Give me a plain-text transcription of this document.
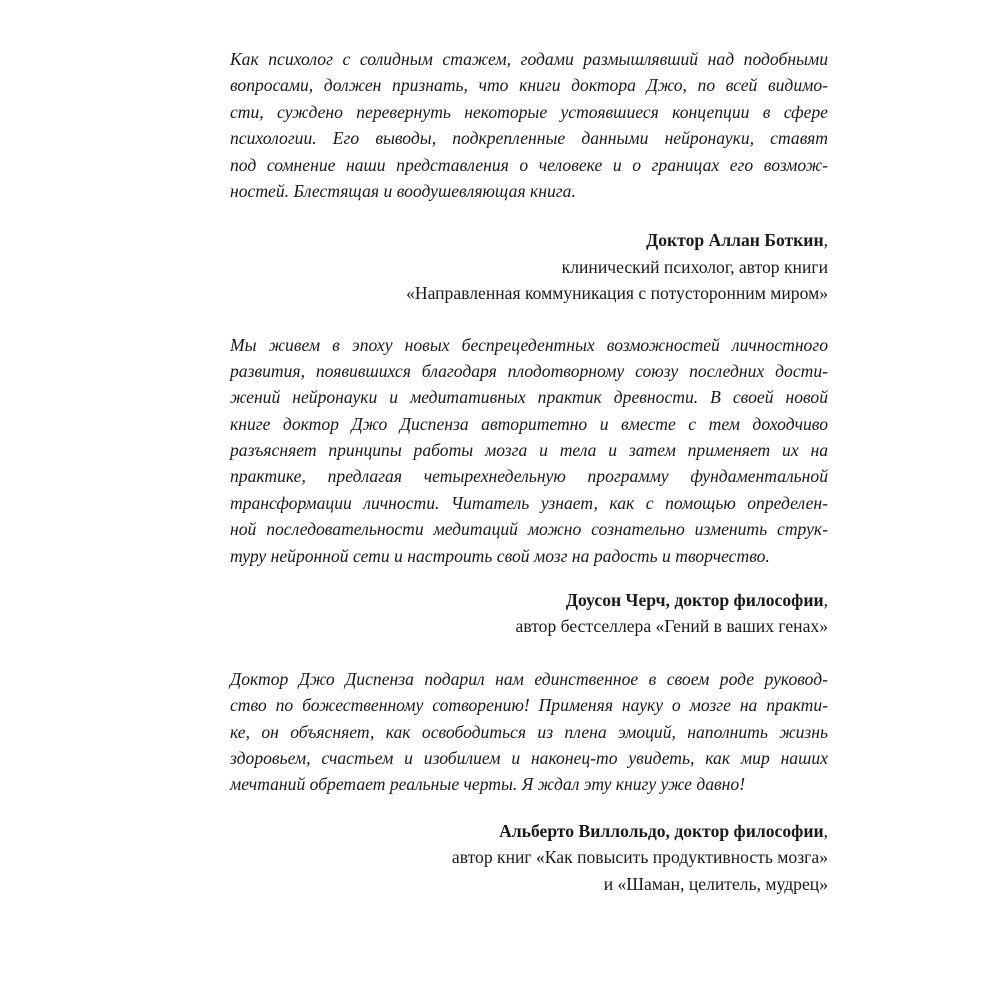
Как психолог с солидным стажем, годами размышлявший над подобными
вопросами, должен признать, что книги доктора Джо, по всей видимо-
сти, суждено перевернуть некоторые устоявшиеся концепции в сфере
психологии. Его выводы, подкрепленные данными нейронауки, ставят
под сомнение наши представления о человеке и о границах его возмож-
ностей. Блестящая и воодушевляющая книга.
Доктор Аллан Боткин,
клинический психолог, автор книги
«Направленная коммуникация с потусторонним миром»
Мы живем в эпоху новых беспрецедентных возможностей личностного
развития, появившихся благодаря плодотворному союзу последних дости-
жений нейронауки и медитативных практик древности. В своей новой
книге доктор Джо Диспенза авторитетно и вместе с тем доходчиво
разъясняет принципы работы мозга и тела и затем применяет их на
практике, предлагая четырехнедельную программу фундаментальной
трансформации личности. Читатель узнает, как с помощью определен-
ной последовательности медитаций можно сознательно изменить струк-
туру нейронной сети и настроить свой мозг на радость и творчество.
Доусон Черч, доктор философии,
автор бестселлера «Гений в ваших генах»
Доктор Джо Диспенза подарил нам единственное в своем роде руковод-
ство по божественному сотворению! Применяя науку о мозге на практи-
ке, он объясняет, как освободиться из плена эмоций, наполнить жизнь
здоровьем, счастьем и изобилием и наконец-то увидеть, как мир наших
мечтаний обретает реальные черты. Я ждал эту книгу уже давно!
Альберто Виллольдо, доктор философии,
автор книг «Как повысить продуктивность мозга»
и «Шаман, целитель, мудрец»
